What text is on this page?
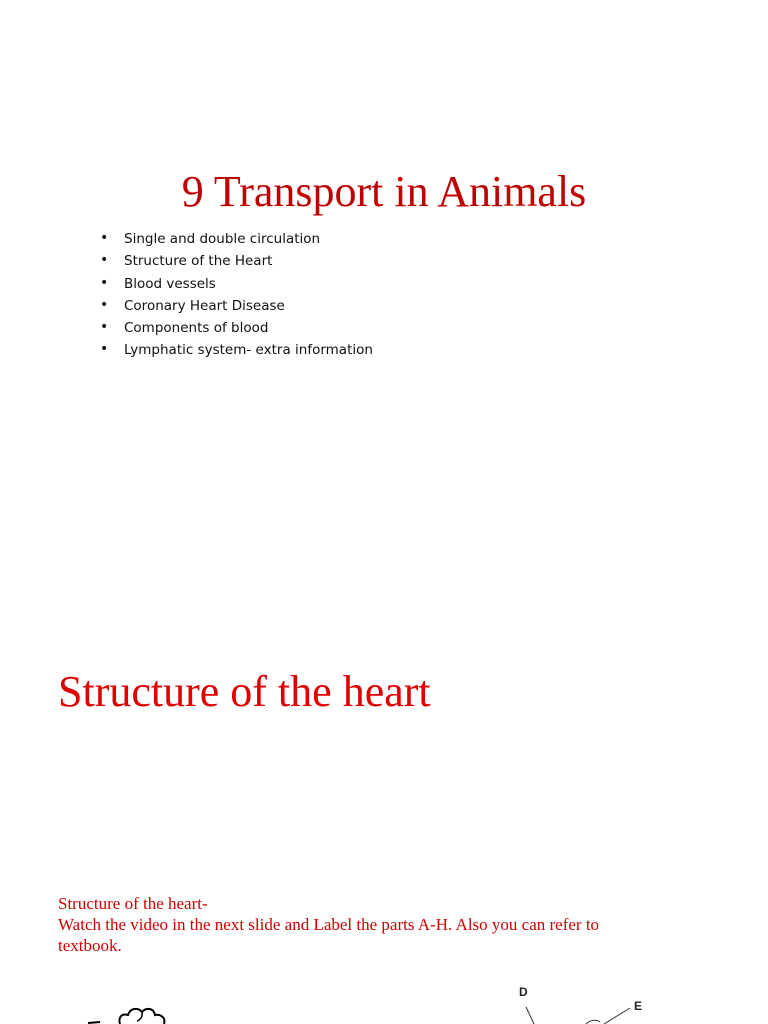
9 Transport in Animals
• Single and double circulation
• Structure of the Heart
• Blood vessels
• Coronary Heart Disease
• Components of blood
• Lymphatic system- extra information
Structure of the heart
Structure of the heart-
Watch the video in the next slide and Label the parts A-H. Also you can refer to
textbook.
D
E
